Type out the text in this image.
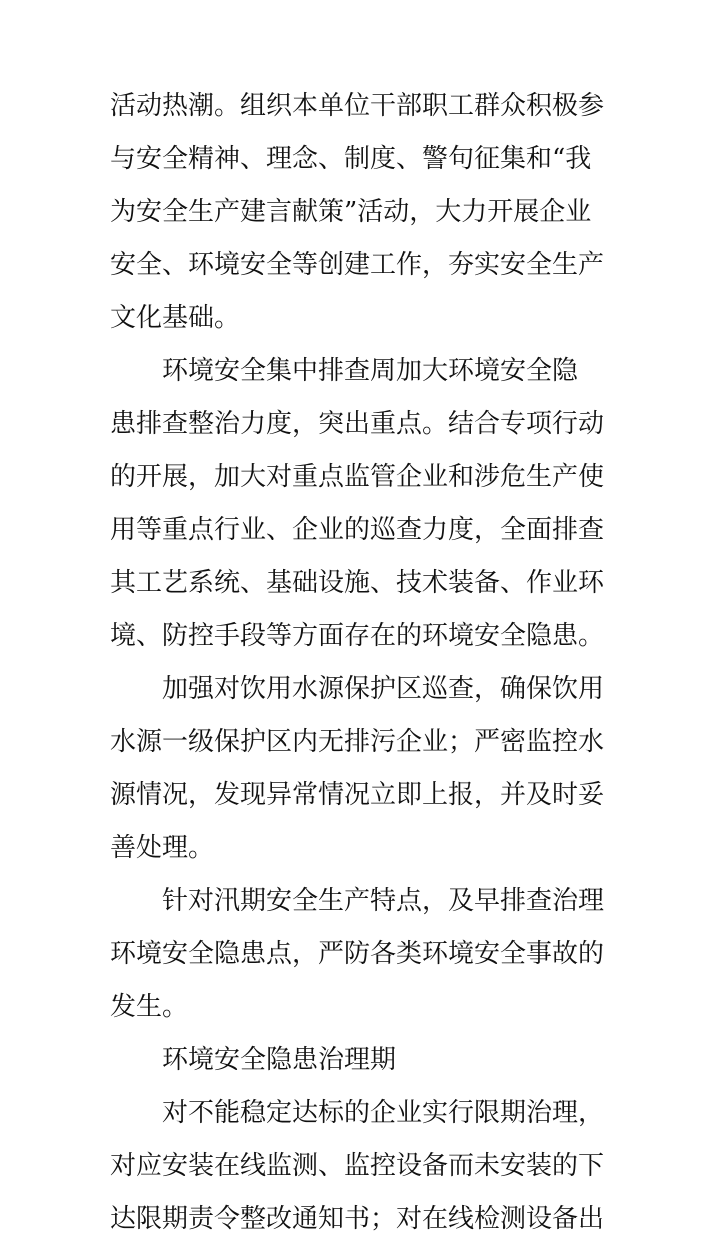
活动热潮。组织本单位干部职工群众积极参
与安全精神、理念、制度、警句征集和“我
为安全生产建言献策”活动，大力开展企业
安全、环境安全等创建工作，夯实安全生产
文化基础。
环境安全集中排查周加大环境安全隐
患排查整治力度，突出重点。结合专项行动
的开展，加大对重点监管企业和涉危生产使
用等重点行业、企业的巡查力度，全面排查
其工艺系统、基础设施、技术装备、作业环
境、防控手段等方面存在的环境安全隐患。
加强对饮用水源保护区巡查，确保饮用
水源一级保护区内无排污企业；严密监控水
源情况，发现异常情况立即上报，并及时妥
善处理。
针对汛期安全生产特点，及早排查治理
环境安全隐患点，严防各类环境安全事故的
发生。
环境安全隐患治理期
对不能稳定达标的企业实行限期治理，
对应安装在线监测、监控设备而未安装的下
达限期责令整改通知书；对在线检测设备出
